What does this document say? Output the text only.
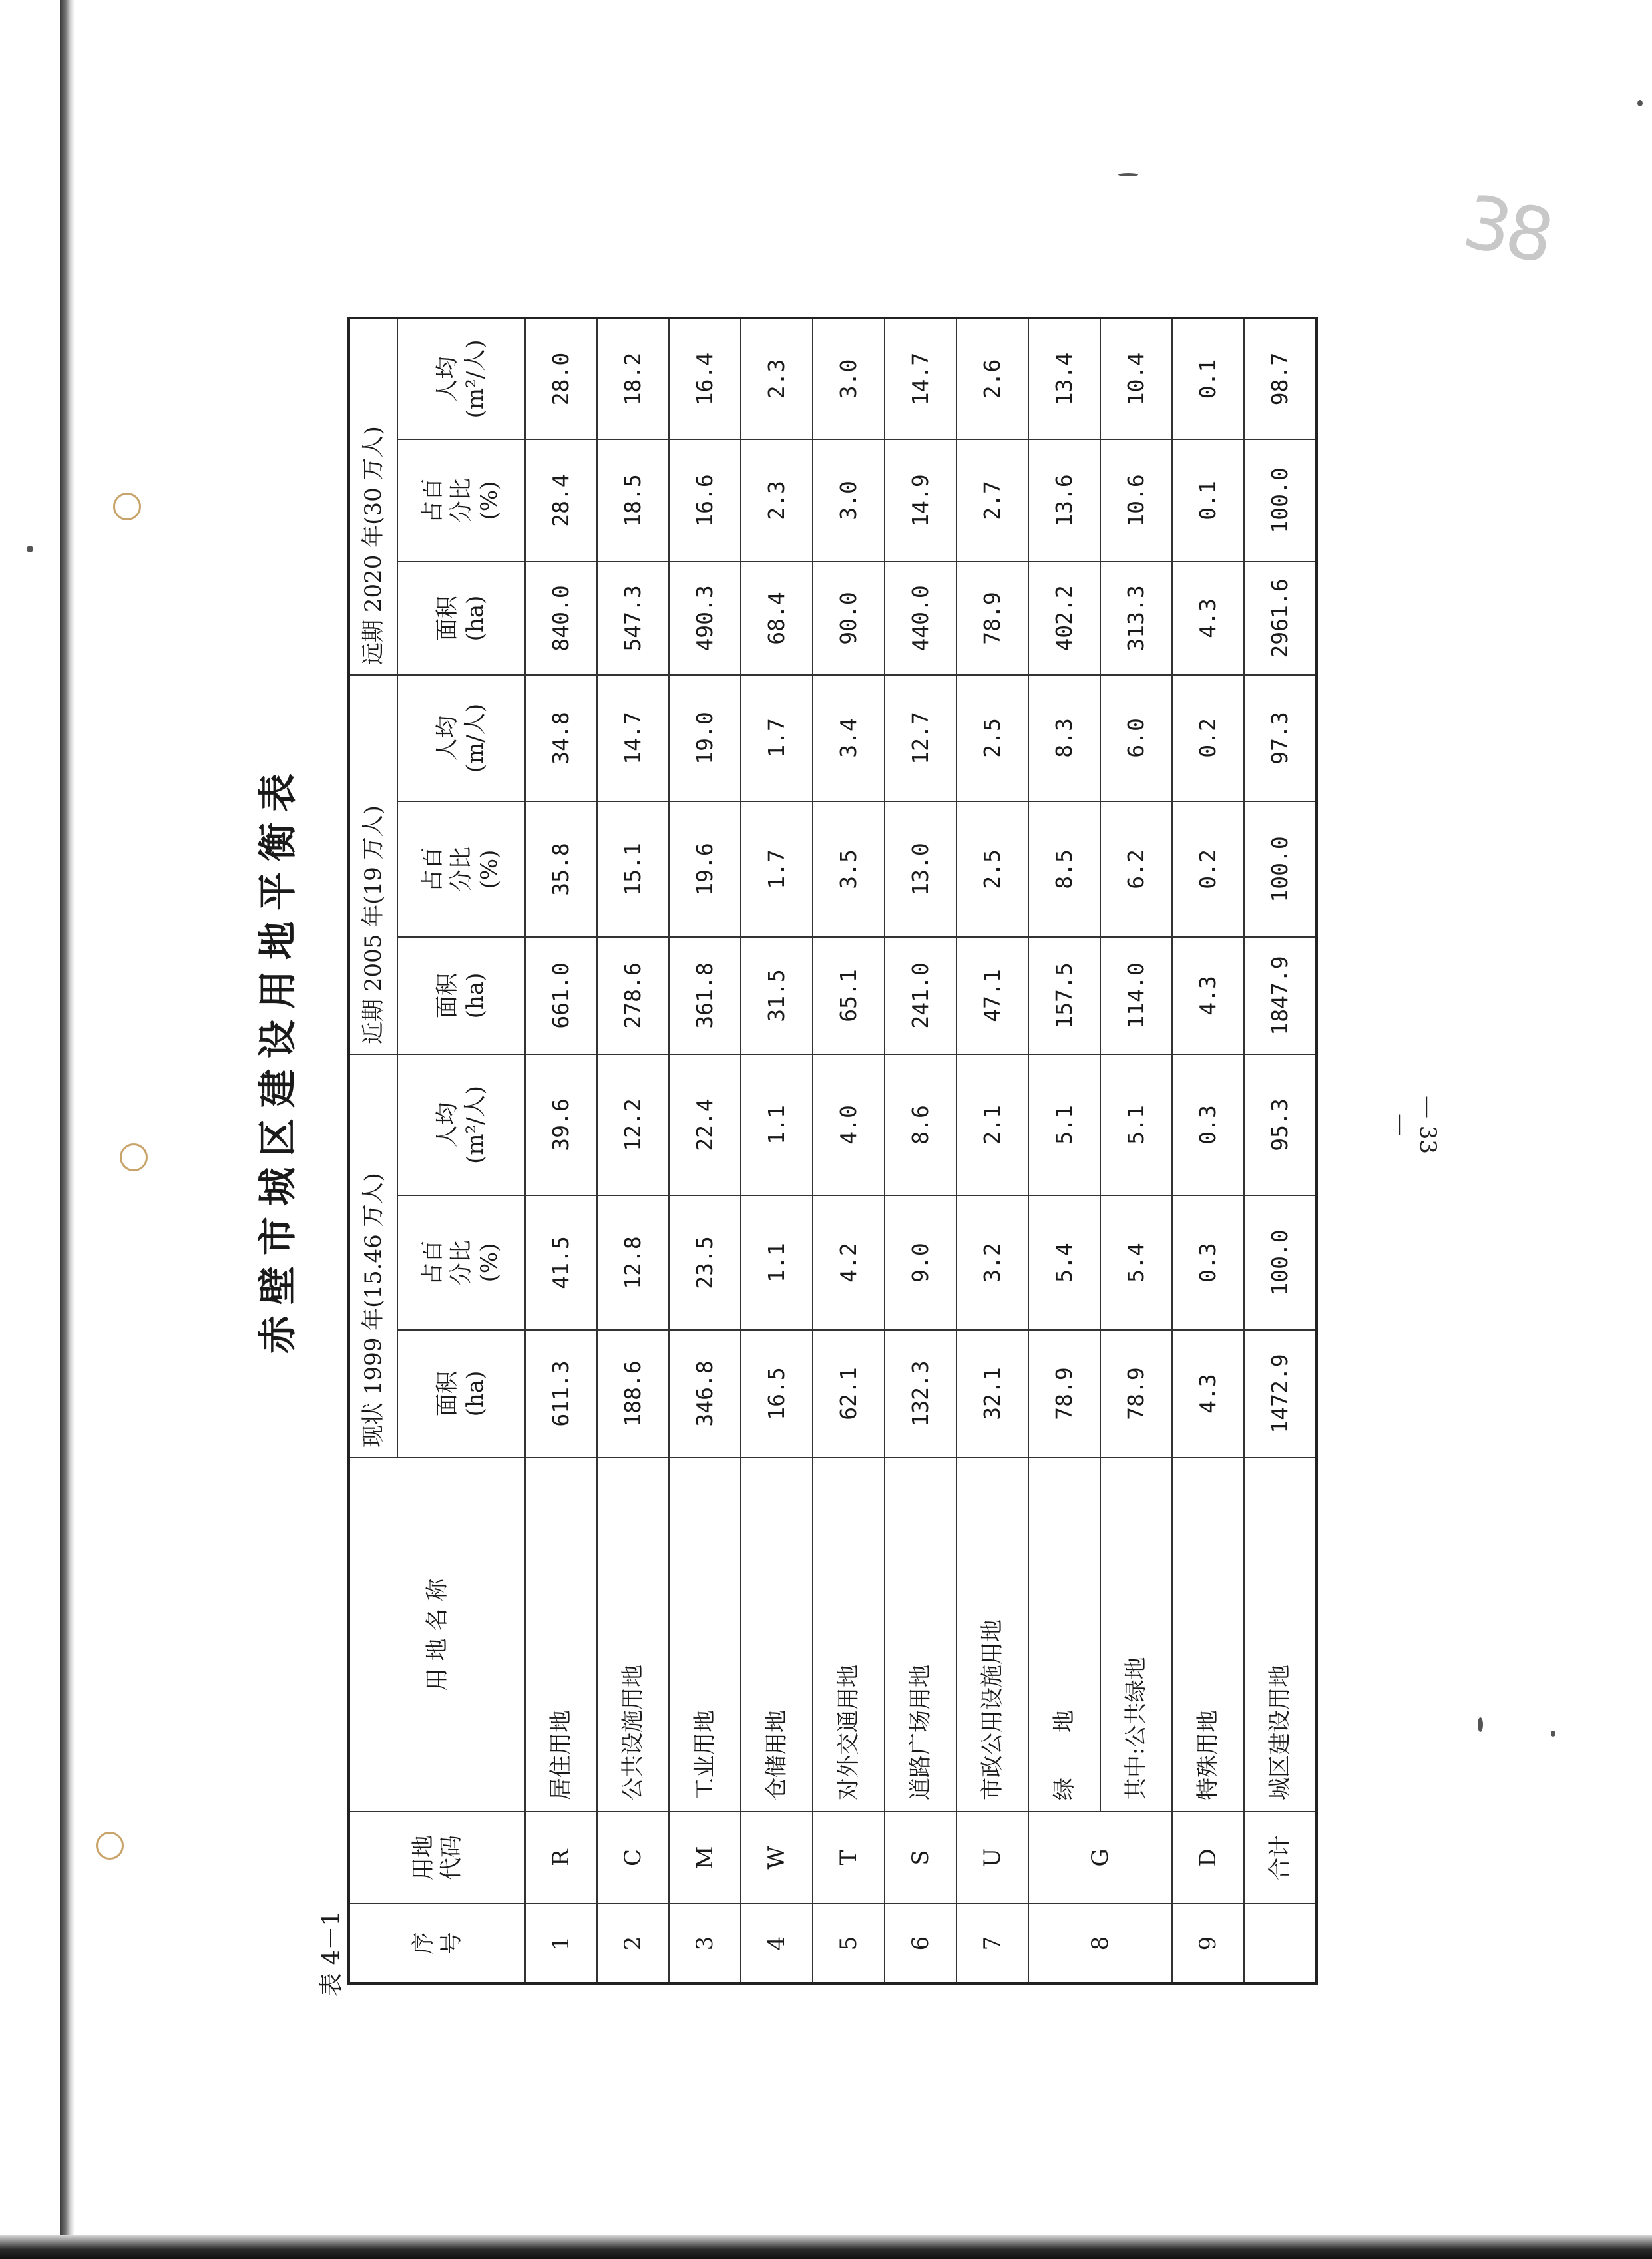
38
— 33 —
赤壁市城区建设用地平衡表
表 4－1	序 号	用地 代码	用 地 名 称	现状 1999 年(15.46 万人)			近期 2005 年(19 万人)			远期 2020 年(30 万人)		

			面积 (ha)	占百 分比 (%)	人均 (m²/人)	面积 (ha)	占百 分比 (%)	人均 (m/人)	面积 (ha)	占百 分比 (%)	人均 (m²/人)

1	R	居住用地	611.3	41.5	39.6	661.0	35.8	34.8	840.0	28.4	28.0
2	C	公共设施用地	188.6	12.8	12.2	278.6	15.1	14.7	547.3	18.5	18.2
3	M	工业用地	346.8	23.5	22.4	361.8	19.6	19.0	490.3	16.6	16.4
4	W	仓储用地	16.5	1.1	1.1	31.5	1.7	1.7	68.4	2.3	2.3
5	T	对外交通用地	62.1	4.2	4.0	65.1	3.5	3.4	90.0	3.0	3.0
6	S	道路广场用地	132.3	9.0	8.6	241.0	13.0	12.7	440.0	14.9	14.7
7	U	市政公用设施用地	32.1	3.2	2.1	47.1	2.5	2.5	78.9	2.7	2.6
8	G	绿　　地	78.9	5.4	5.1	157.5	8.5	8.3	402.2	13.6	13.4
		其中:公共绿地	78.9	5.4	5.1	114.0	6.2	6.0	313.3	10.6	10.4
9	D	特殊用地	4.3	0.3	0.3	4.3	0.2	0.2	4.3	0.1	0.1
	合计	城区建设用地	1472.9	100.0	95.3	1847.9	100.0	97.3	2961.6	100.0	98.7
